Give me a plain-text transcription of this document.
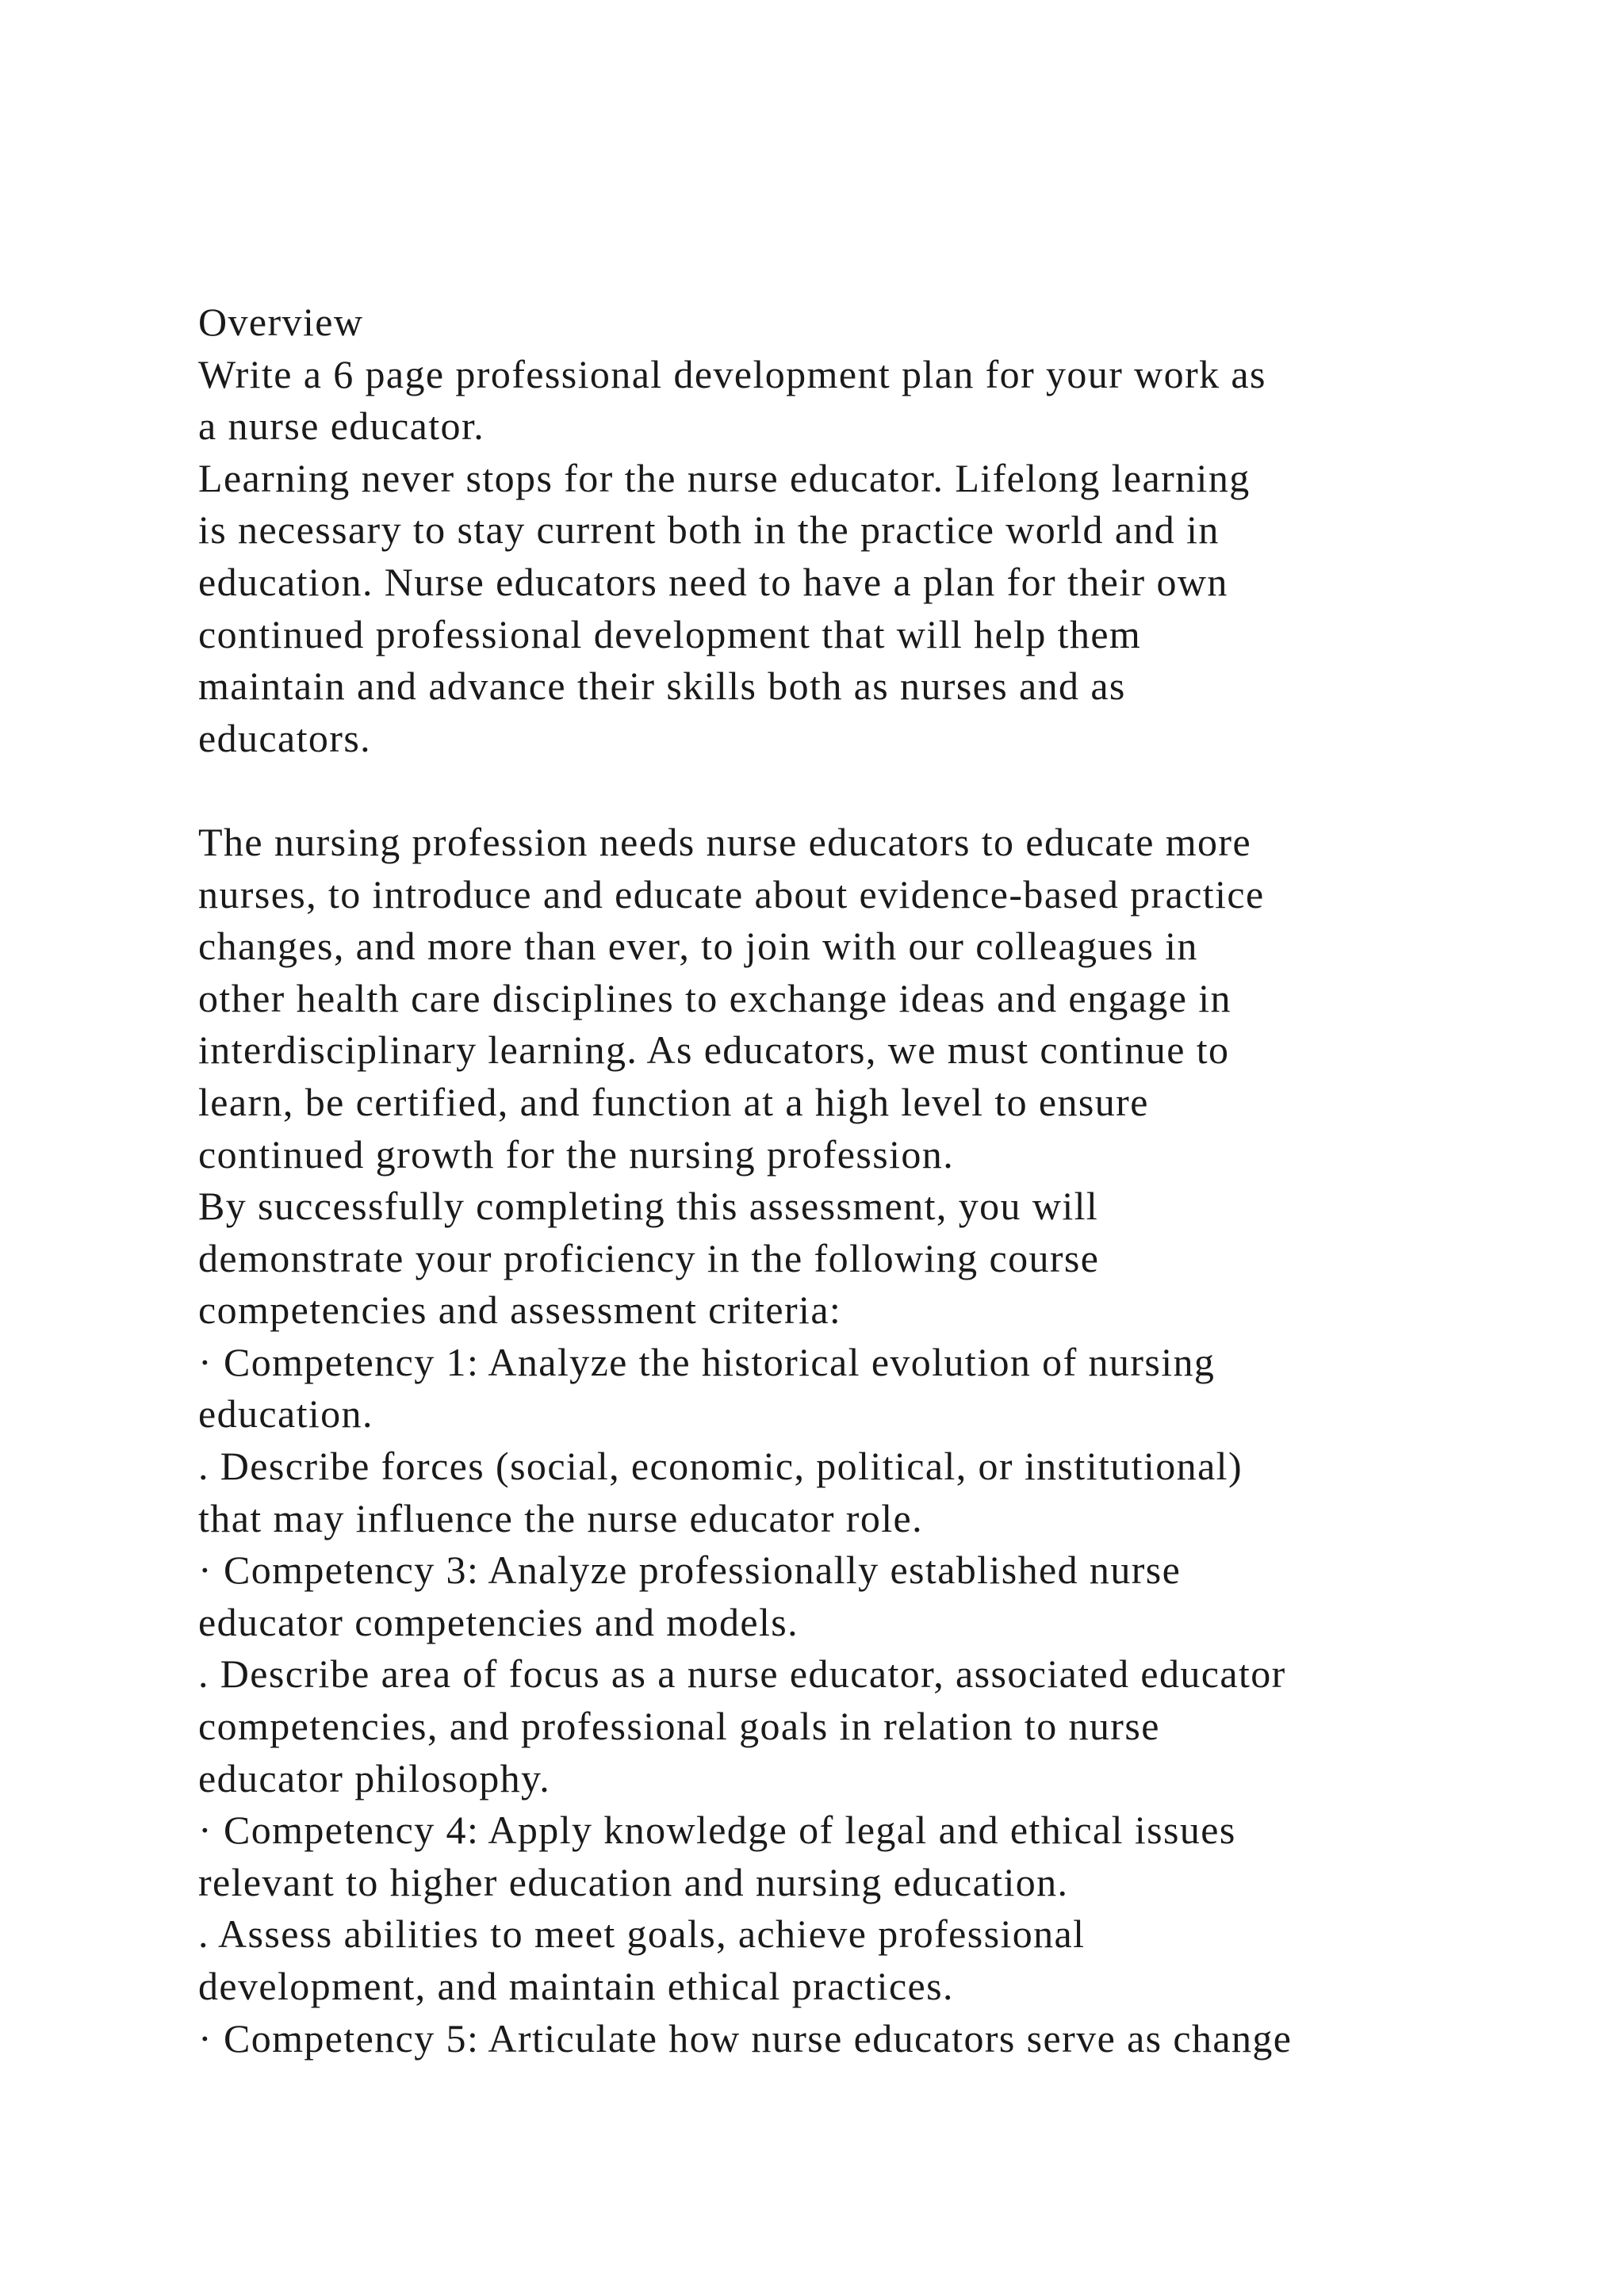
Overview
Write a 6 page professional development plan for your work as
a nurse educator.
Learning never stops for the nurse educator. Lifelong learning
is necessary to stay current both in the practice world and in
education. Nurse educators need to have a plan for their own
continued professional development that will help them
maintain and advance their skills both as nurses and as
educators.
The nursing profession needs nurse educators to educate more
nurses, to introduce and educate about evidence-based practice
changes, and more than ever, to join with our colleagues in
other health care disciplines to exchange ideas and engage in
interdisciplinary learning. As educators, we must continue to
learn, be certified, and function at a high level to ensure
continued growth for the nursing profession.
By successfully completing this assessment, you will
demonstrate your proficiency in the following course
competencies and assessment criteria:
· Competency 1: Analyze the historical evolution of nursing
education.
. Describe forces (social, economic, political, or institutional)
that may influence the nurse educator role.
· Competency 3: Analyze professionally established nurse
educator competencies and models.
. Describe area of focus as a nurse educator, associated educator
competencies, and professional goals in relation to nurse
educator philosophy.
· Competency 4: Apply knowledge of legal and ethical issues
relevant to higher education and nursing education.
. Assess abilities to meet goals, achieve professional
development, and maintain ethical practices.
· Competency 5: Articulate how nurse educators serve as change
